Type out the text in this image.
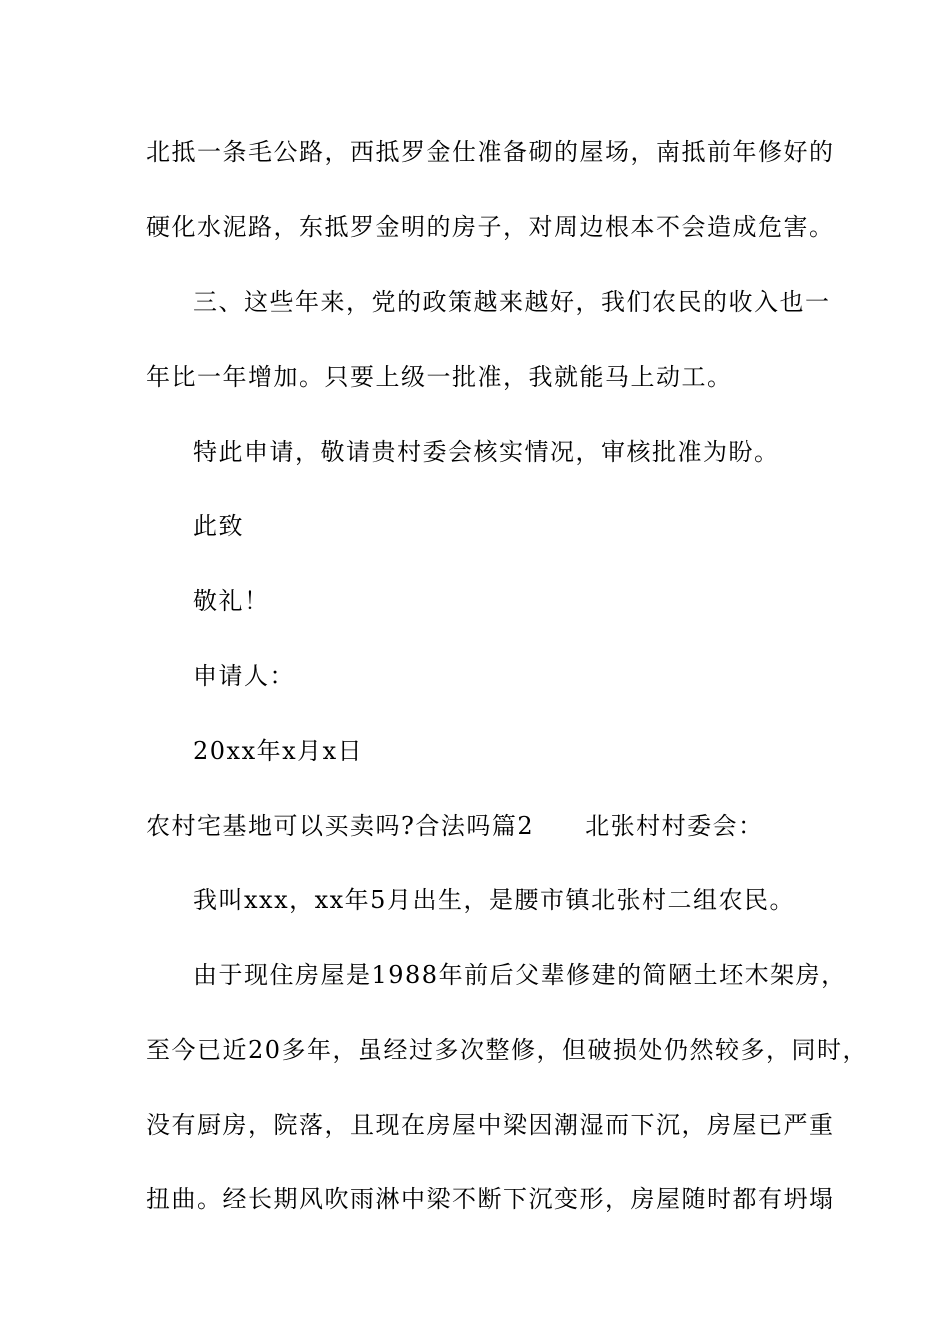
北抵一条毛公路，西抵罗金仕准备砌的屋场，南抵前年修好的
硬化水泥路，东抵罗金明的房子，对周边根本不会造成危害。
三、这些年来，党的政策越来越好，我们农民的收入也一
年比一年增加。只要上级一批准，我就能马上动工。
特此申请，敬请贵村委会核实情况，审核批准为盼。
此致
敬礼！
申请人：
20xx年x月x日
农村宅基地可以买卖吗?合法吗篇2　　北张村村委会：
我叫xxx，xx年5月出生，是腰市镇北张村二组农民。
由于现住房屋是1988年前后父辈修建的简陋土坯木架房，
至今已近20多年，虽经过多次整修，但破损处仍然较多，同时，
没有厨房，院落，且现在房屋中梁因潮湿而下沉，房屋已严重
扭曲。经长期风吹雨淋中梁不断下沉变形，房屋随时都有坍塌
